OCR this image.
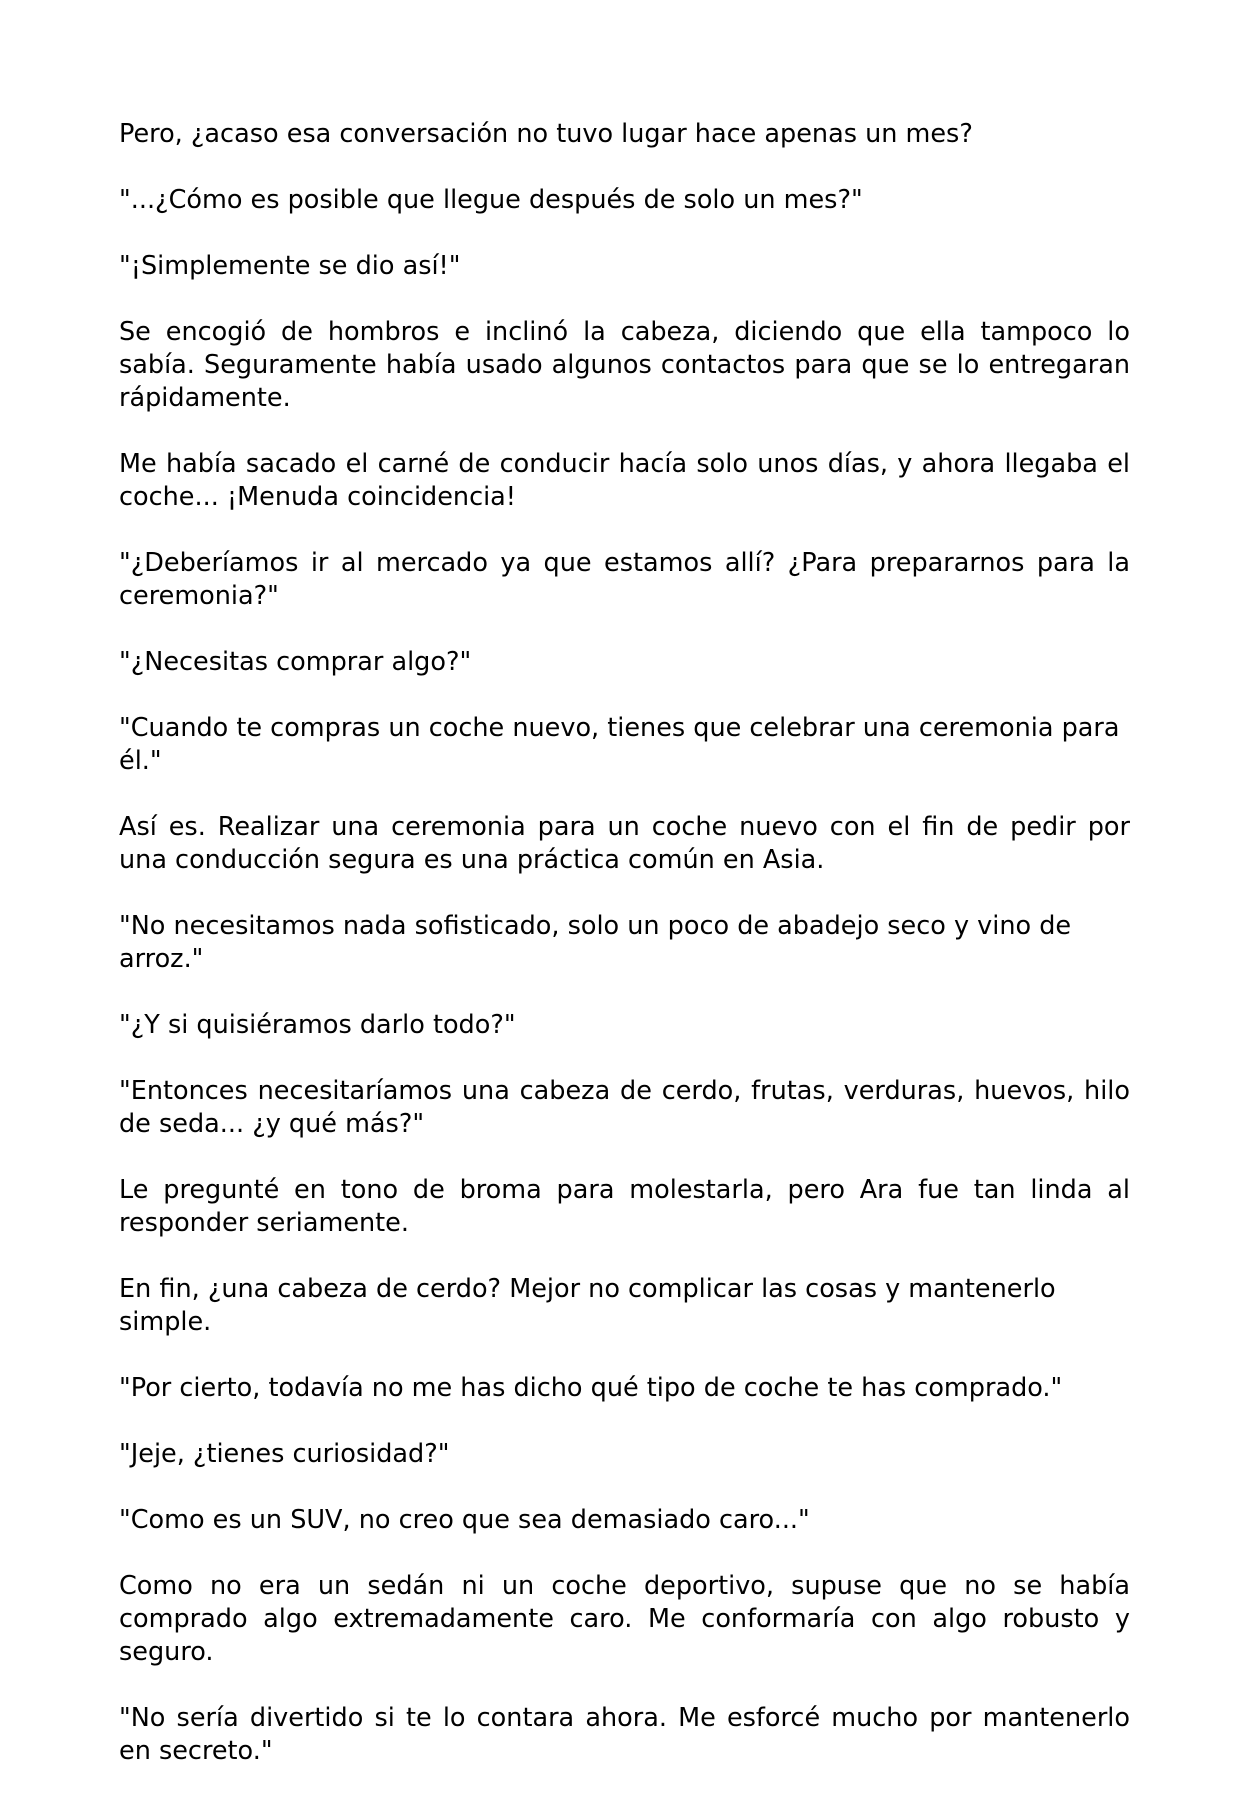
Pero, ¿acaso esa conversación no tuvo lugar hace apenas un mes?

"...¿Cómo es posible que llegue después de solo un mes?"

"¡Simplemente se dio así!"

Se encogió de hombros e inclinó la cabeza, diciendo que ella tampoco lo sabía. Seguramente había usado algunos contactos para que se lo entregaran rápidamente.

Me había sacado el carné de conducir hacía solo unos días, y ahora llegaba el coche... ¡Menuda coincidencia!

"¿Deberíamos ir al mercado ya que estamos allí? ¿Para prepararnos para la ceremonia?"

"¿Necesitas comprar algo?"

"Cuando te compras un coche nuevo, tienes que celebrar una ceremonia para él."

Así es. Realizar una ceremonia para un coche nuevo con el fin de pedir por una conducción segura es una práctica común en Asia.

"No necesitamos nada sofisticado, solo un poco de abadejo seco y vino de arroz."

"¿Y si quisiéramos darlo todo?"

"Entonces necesitaríamos una cabeza de cerdo, frutas, verduras, huevos, hilo de seda... ¿y qué más?"

Le pregunté en tono de broma para molestarla, pero Ara fue tan linda al responder seriamente.

En fin, ¿una cabeza de cerdo? Mejor no complicar las cosas y mantenerlo simple.

"Por cierto, todavía no me has dicho qué tipo de coche te has comprado."

"Jeje, ¿tienes curiosidad?"

"Como es un SUV, no creo que sea demasiado caro..."

Como no era un sedán ni un coche deportivo, supuse que no se había comprado algo extremadamente caro. Me conformaría con algo robusto y seguro.

"No sería divertido si te lo contara ahora. Me esforcé mucho por mantenerlo en secreto."
